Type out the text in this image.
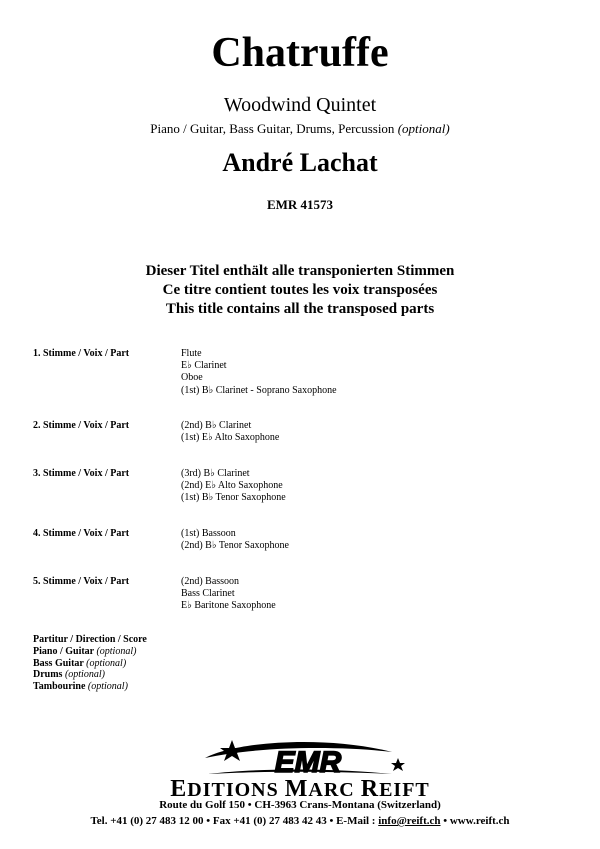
Chatruffe
Woodwind Quintet
Piano / Guitar, Bass Guitar, Drums, Percussion (optional)
André Lachat
EMR 41573
Dieser Titel enthält alle transponierten Stimmen
Ce titre contient toutes les voix transposées
This title contains all the transposed parts
1. Stimme / Voix / Part	Flute
E♭ Clarinet
Oboe
(1st) B♭ Clarinet - Soprano Saxophone
2. Stimme / Voix / Part	(2nd) B♭ Clarinet
(1st) E♭ Alto Saxophone
3. Stimme / Voix / Part	(3rd) B♭ Clarinet
(2nd) E♭ Alto Saxophone
(1st) B♭ Tenor Saxophone
4. Stimme / Voix / Part	(1st) Bassoon
(2nd) B♭ Tenor Saxophone
5. Stimme / Voix / Part	(2nd) Bassoon
Bass Clarinet
E♭ Baritone Saxophone
Partitur / Direction / Score
Piano / Guitar (optional)
Bass Guitar (optional)
Drums (optional)
Tambourine (optional)
EMR
EDITIONS MARC REIFT
Route du Golf 150 • CH-3963 Crans-Montana (Switzerland)
Tel. +41 (0) 27 483 12 00 • Fax +41 (0) 27 483 42 43 • E-Mail : info@reift.ch • www.reift.ch
